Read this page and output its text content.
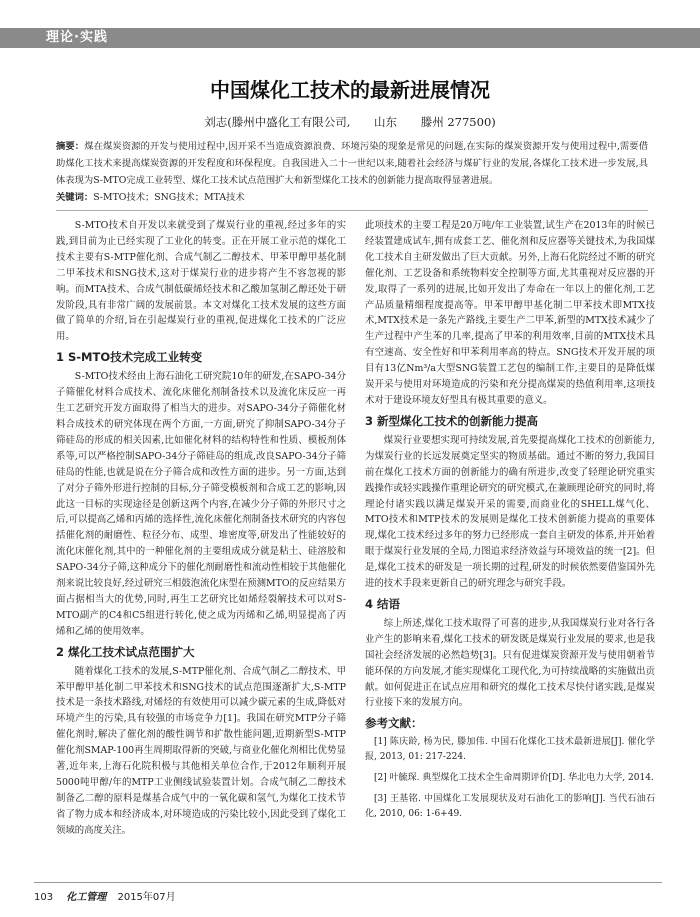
理论·实践
中国煤化工技术的最新进展情况
刘志(滕州中盛化工有限公司, 山东 滕州 277500)
摘要：煤在煤炭资源的开发与使用过程中,因开采不当造成资源浪费、环境污染的现象是常见的问题,在实际的煤炭资源开发与使用过程中,需要借助煤化工技术来提高煤炭资源的开发程度和环保程度。自我国进入二十一世纪以来,随着社会经济与煤矿行业的发展,各煤化工技术进一步发展,具体表现为S-MTO完成工业转型、煤化工技术试点范围扩大和新型煤化工技术的创新能力提高取得显著进展。
关键词：S-MTO技术；SNG技术；MTA技术

S-MTO技术自开发以来就受到了煤炭行业的重视,经过多年的实践,到目前为止已经实现了工业化的转变。正在开展工业示范的煤化工技术主要有S-MTP催化剂、合成气制乙二醇技术、甲苯甲醇甲基化制二甲苯技术和SNG技术,这对于煤炭行业的进步将产生不容忽视的影响。而MTA技术、合成气制低碳烯烃技术和乙酸加氢制乙醇还处于研发阶段,具有非常广阔的发展前景。本文对煤化工技术发展的这些方面做了简单的介绍,旨在引起煤炭行业的重视,促进煤化工技术的广泛应用。

1 S-MTO技术完成工业转变

S-MTO技术经由上海石油化工研究院10年的研发,在SAPO-34分子筛催化材料合成技术、流化床催化剂制备技术以及流化床反应一再生工艺研究开发方面取得了相当大的进步。对SAPO-34分子筛催化材料合成技术的研究体现在两个方面,一方面,研究了抑制SAPO-34分子筛硅岛的形成的相关因素,比如催化材料的结构特性和性质、模板剂体系等,可以严格控制SAPO-34分子筛硅岛的组成,改良SAPO-34分子筛硅岛的性能,也就是说在分子筛合成和改性方面的进步。另一方面,达到了对分子筛外形进行控制的目标,分子筛受模板剂和合成工艺的影响,因此这一目标的实现途径是创新这两个内容,在减少分子筛的外形尺寸之后,可以提高乙烯和丙烯的选择性,流化床催化剂制备技术研究的内容包括催化剂的耐磨性、粒径分布、成型、堆密度等,研发出了性能较好的流化床催化剂,其中的一种催化剂的主要组成成分就是粘土、硅溶胶和SAPO-34分子筛,这种成分下的催化剂耐磨性和流动性相较于其他催化剂来说比较良好,经过研究三相鼓泡流化床型在预测MTO的反应结果方面占据相当大的优势,同时,再生工艺研究比如烯烃裂解技术可以对S-MTO副产的C4和C5组进行转化,使之成为丙烯和乙烯,明显提高了丙烯和乙烯的使用效率。

2 煤化工技术试点范围扩大

随着煤化工技术的发展,S-MTP催化剂、合成气制乙二醇技术、甲苯甲醇甲基化制二甲苯技术和SNG技术的试点范围逐渐扩大,S-MTP技术是一条技术路线,对烯烃的有效使用可以减少碳元素的生成,降低对环境产生的污染,具有较强的市场竞争力[1]。我国在研究MTP分子筛催化剂时,解决了催化剂的酸性调节和扩散性能问题,近期新型S-MTP催化剂SMAP-100再生周期取得新的突破,与商业化催化剂相比优势显著,近年来,上海石化院积极与其他相关单位合作,于2012年顺利开展5000吨甲醇/年的MTP工业侧线试验装置计划。合成气制乙二醇技术制备乙二醇的原料是煤基合成气中的一氧化碳和氢气,为煤化工技术节省了物力成本和经济成本,对环境造成的污染比较小,因此受到了煤化工领域的高度关注。

此项技术的主要工程是20万吨/年工业装置,试生产在2013年的时候已经装置建成试车,拥有成套工艺、催化剂和反应器等关键技术,为我国煤化工技术自主研发做出了巨大贡献。另外,上海石化院经过不断的研究催化剂、工艺设备和系统物料安全控制等方面,尤其重视对反应器的开发,取得了一系列的进展,比如开发出了寿命在一年以上的催化剂,工艺产品质量精细程度提高等。甲苯甲醇甲基化制二甲苯技术即MTX技术,MTX技术是一条先产路线,主要生产二甲苯,新型的MTX技术减少了生产过程中产生苯的几率,提高了甲苯的利用效率,目前的MTX技术具有空速高、安全性好和甲苯利用率高的特点。SNG技术开发开展的项目有13亿Nm³/a大型SNG装置工艺包的编制工作,主要目的是降低煤炭开采与使用对环境造成的污染和充分提高煤炭的热值利用率,这项技术对于建设环境友好型具有极其重要的意义。

3 新型煤化工技术的创新能力提高

煤炭行业要想实现可持续发展,首先要提高煤化工技术的创新能力,为煤炭行业的长远发展奠定坚实的物质基础。通过不断的努力,我国目前在煤化工技术方面的创新能力的确有所进步,改变了轻理论研究重实践操作或轻实践操作重理论研究的研究模式,在兼顾理论研究的同时,将理论付诸实践以满足煤炭开采的需要,而商业化的SHELL煤气化、MTO技术和MTP技术的发展则是煤化工技术创新能力提高的重要体现,煤化工技术经过多年的努力已经形成一套自主研发的体系,并开始着眼于煤炭行业发展的全局,力图追求经济效益与环境效益的统一[2]。但是,煤化工技术的研发是一项长期的过程,研发的时候依然要借鉴国外先进的技术手段来更新自己的研究理念与研究手段。

4 结语

综上所述,煤化工技术取得了可喜的进步,从我国煤炭行业对各行各业产生的影响来看,煤化工技术的研发既是煤炭行业发展的要求,也是我国社会经济发展的必然趋势[3]。只有促进煤炭资源开发与使用朝着节能环保的方向发展,才能实现煤化工现代化,为可持续战略的实施做出贡献。如何促进正在试点应用和研究的煤化工技术尽快付诸实践,是煤炭行业接下来的发展方向。

参考文献：
[1] 陈庆龄, 杨为民, 滕加伟. 中国石化煤化工技术最新进展[J]. 催化学报, 2013, 01: 217-224.
[2] 叶毓琛. 典型煤化工技术全生命周期评价[D]. 华北电力大学, 2014.
[3] 王基铭. 中国煤化工发展现状及对石油化工的影响[J]. 当代石油石化, 2010, 06: 1-6+49.
103 化工管理 2015年07月
